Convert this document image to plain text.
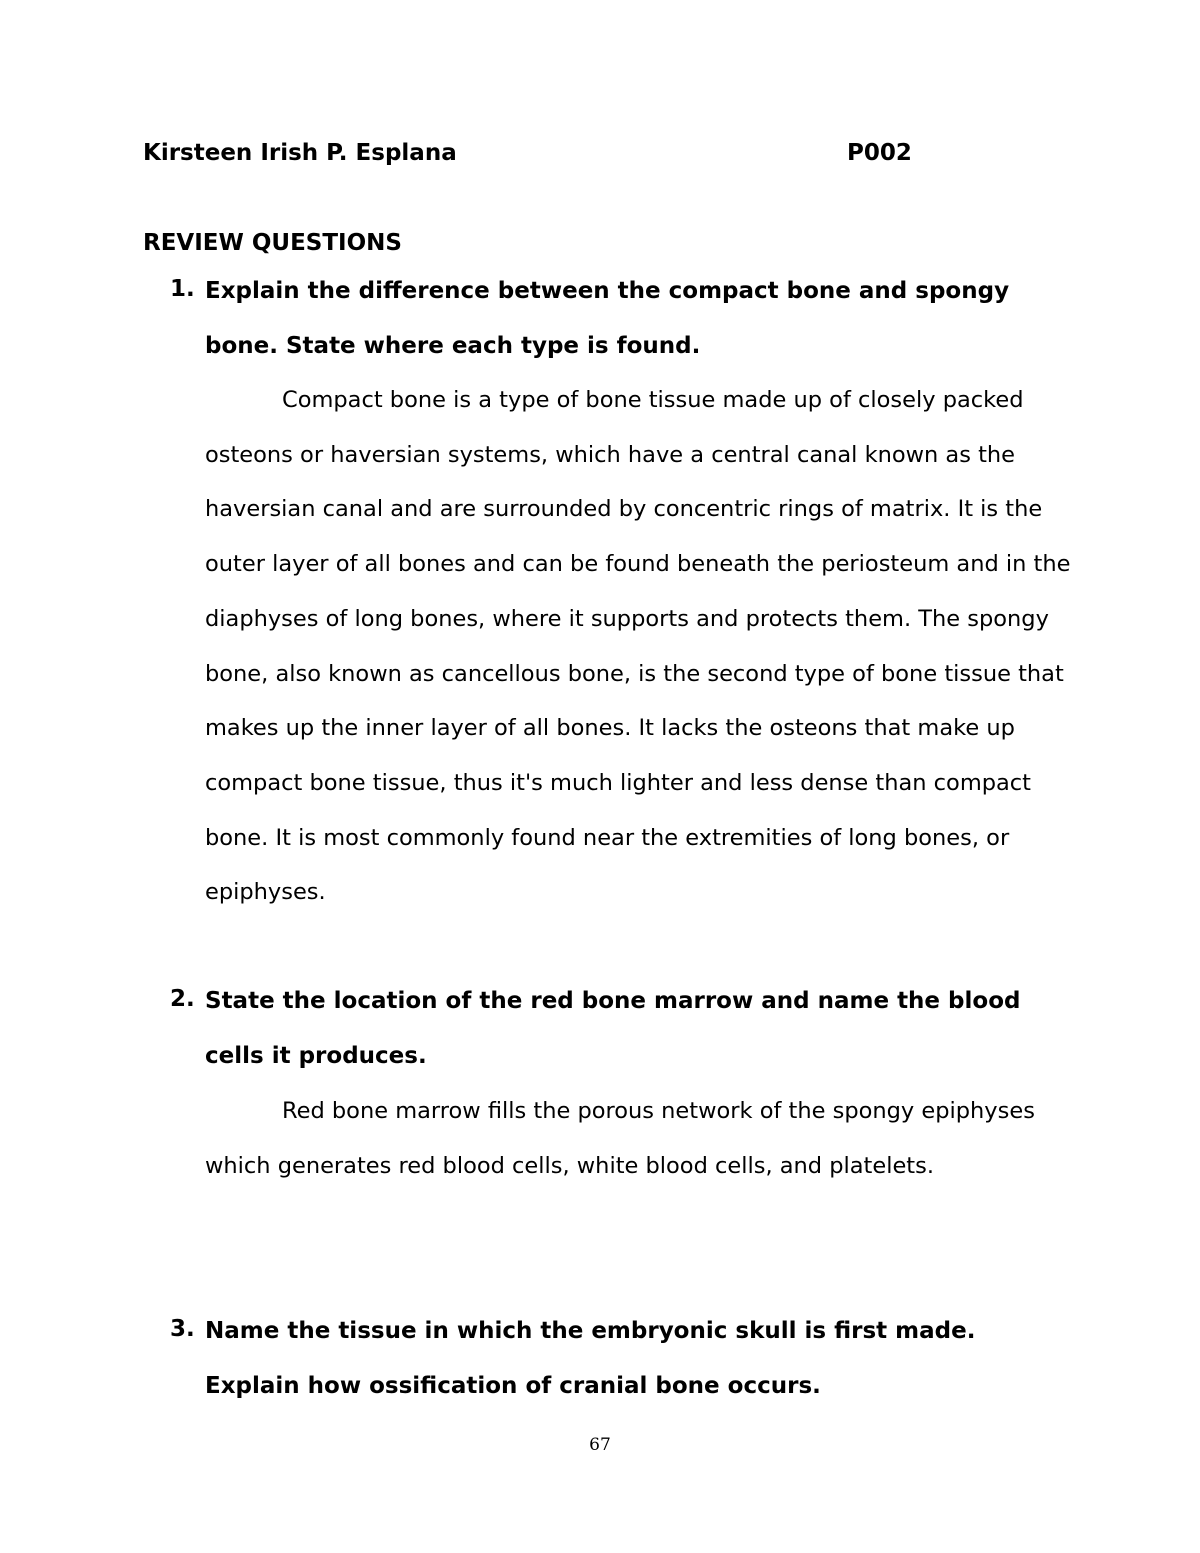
Kirsteen Irish P. Esplana	P002

REVIEW QUESTIONS

1. Explain the difference between the compact bone and spongy bone. State where each type is found.

Compact bone is a type of bone tissue made up of closely packed osteons or haversian systems, which have a central canal known as the haversian canal and are surrounded by concentric rings of matrix. It is the outer layer of all bones and can be found beneath the periosteum and in the diaphyses of long bones, where it supports and protects them. The spongy bone, also known as cancellous bone, is the second type of bone tissue that makes up the inner layer of all bones. It lacks the osteons that make up compact bone tissue, thus it's much lighter and less dense than compact bone. It is most commonly found near the extremities of long bones, or epiphyses.

2. State the location of the red bone marrow and name the blood cells it produces.

Red bone marrow fills the porous network of the spongy epiphyses which generates red blood cells, white blood cells, and platelets.

3. Name the tissue in which the embryonic skull is first made. Explain how ossification of cranial bone occurs.

67
